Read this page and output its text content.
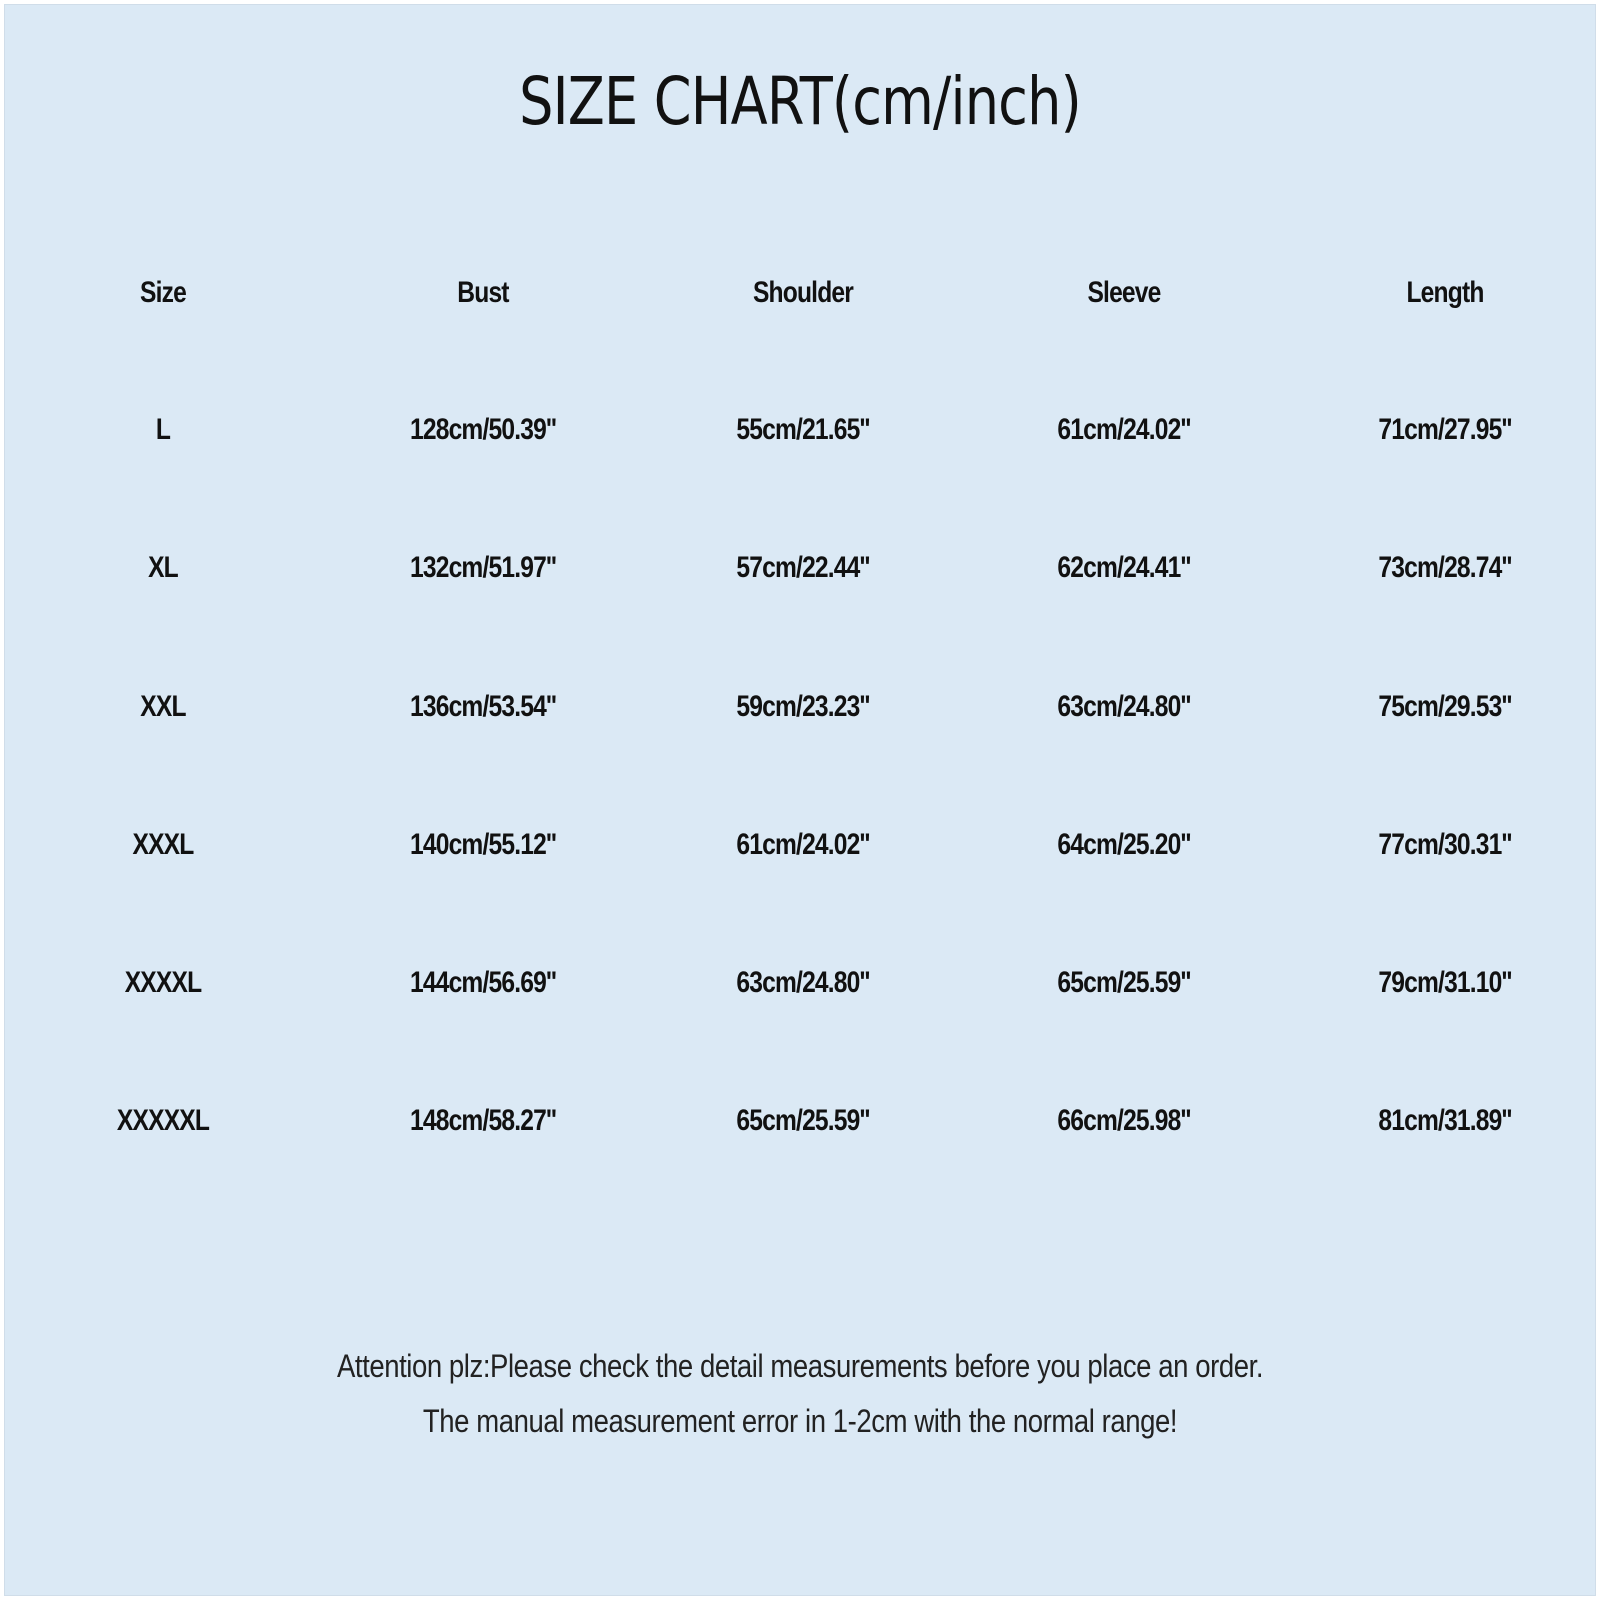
SIZE CHART(cm/inch)
Size	Bust	Shoulder	Sleeve	Length
L	128cm/50.39''	55cm/21.65''	61cm/24.02''	71cm/27.95''
XL	132cm/51.97''	57cm/22.44''	62cm/24.41''	73cm/28.74''
XXL	136cm/53.54''	59cm/23.23''	63cm/24.80''	75cm/29.53''
XXXL	140cm/55.12''	61cm/24.02''	64cm/25.20''	77cm/30.31''
XXXXL	144cm/56.69''	63cm/24.80''	65cm/25.59''	79cm/31.10''
XXXXXL	148cm/58.27''	65cm/25.59''	66cm/25.98''	81cm/31.89''
Attention plz:Please check the detail measurements before you place an order.
The manual measurement error in 1-2cm with the normal range!
